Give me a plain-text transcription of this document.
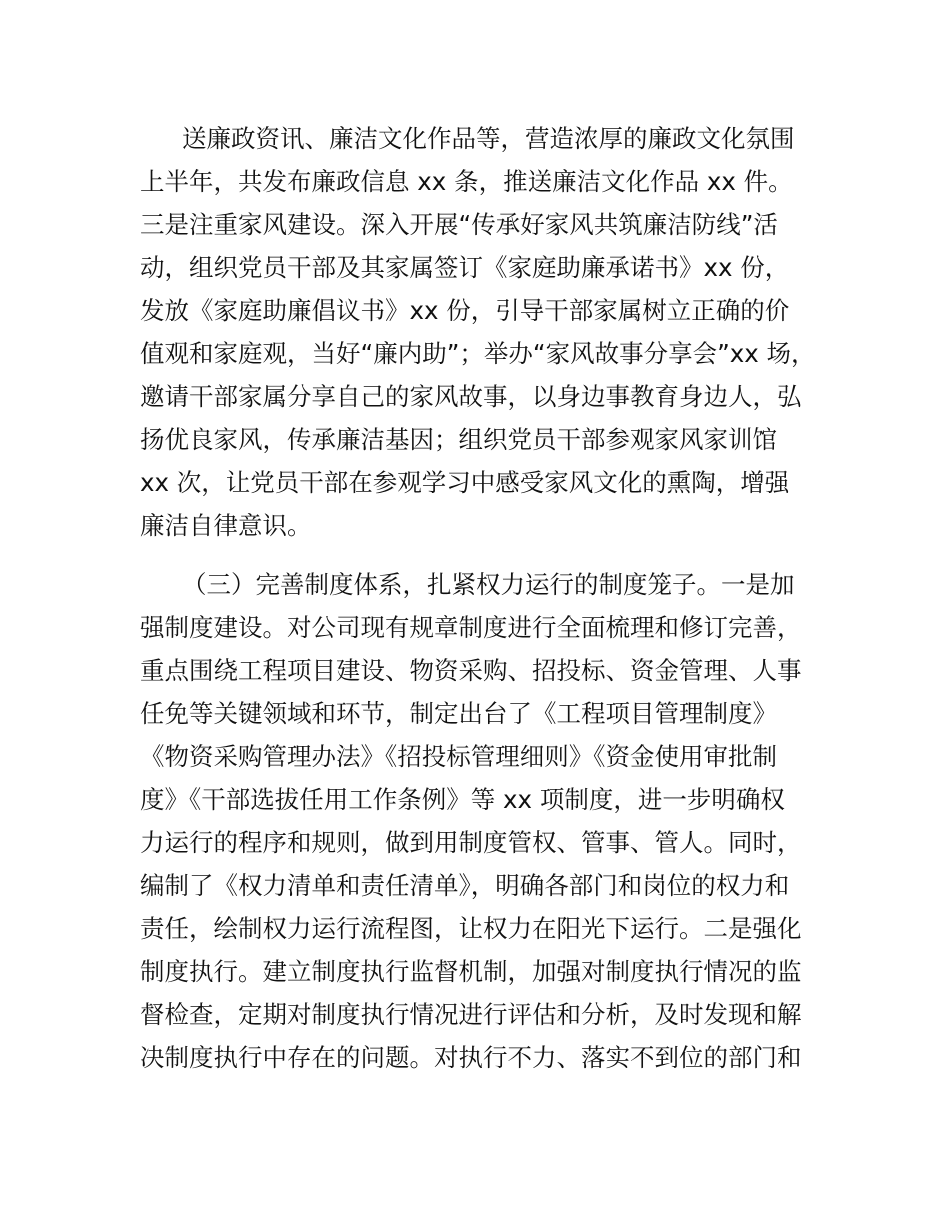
送廉政资讯、廉洁文化作品等，营造浓厚的廉政文化氛围

上半年，共发布廉政信息 xx 条，推送廉洁文化作品 xx 件。

三是注重家风建设。深入开展“传承好家风共筑廉洁防线”活

动，组织党员干部及其家属签订《家庭助廉承诺书》xx 份，

发放《家庭助廉倡议书》xx 份，引导干部家属树立正确的价

值观和家庭观，当好“廉内助”；举办“家风故事分享会”xx 场，

邀请干部家属分享自己的家风故事，以身边事教育身边人，弘

扬优良家风，传承廉洁基因；组织党员干部参观家风家训馆

xx 次，让党员干部在参观学习中感受家风文化的熏陶，增强

廉洁自律意识。

（三）完善制度体系，扎紧权力运行的制度笼子。一是加

强制度建设。对公司现有规章制度进行全面梳理和修订完善，

重点围绕工程项目建设、物资采购、招投标、资金管理、人事

任免等关键领域和环节，制定出台了《工程项目管理制度》

《物资采购管理办法》《招投标管理细则》《资金使用审批制

度》《干部选拔任用工作条例》等 xx 项制度，进一步明确权

力运行的程序和规则，做到用制度管权、管事、管人。同时，

编制了《权力清单和责任清单》，明确各部门和岗位的权力和

责任，绘制权力运行流程图，让权力在阳光下运行。二是强化

制度执行。建立制度执行监督机制，加强对制度执行情况的监

督检查，定期对制度执行情况进行评估和分析，及时发现和解

决制度执行中存在的问题。对执行不力、落实不到位的部门和
